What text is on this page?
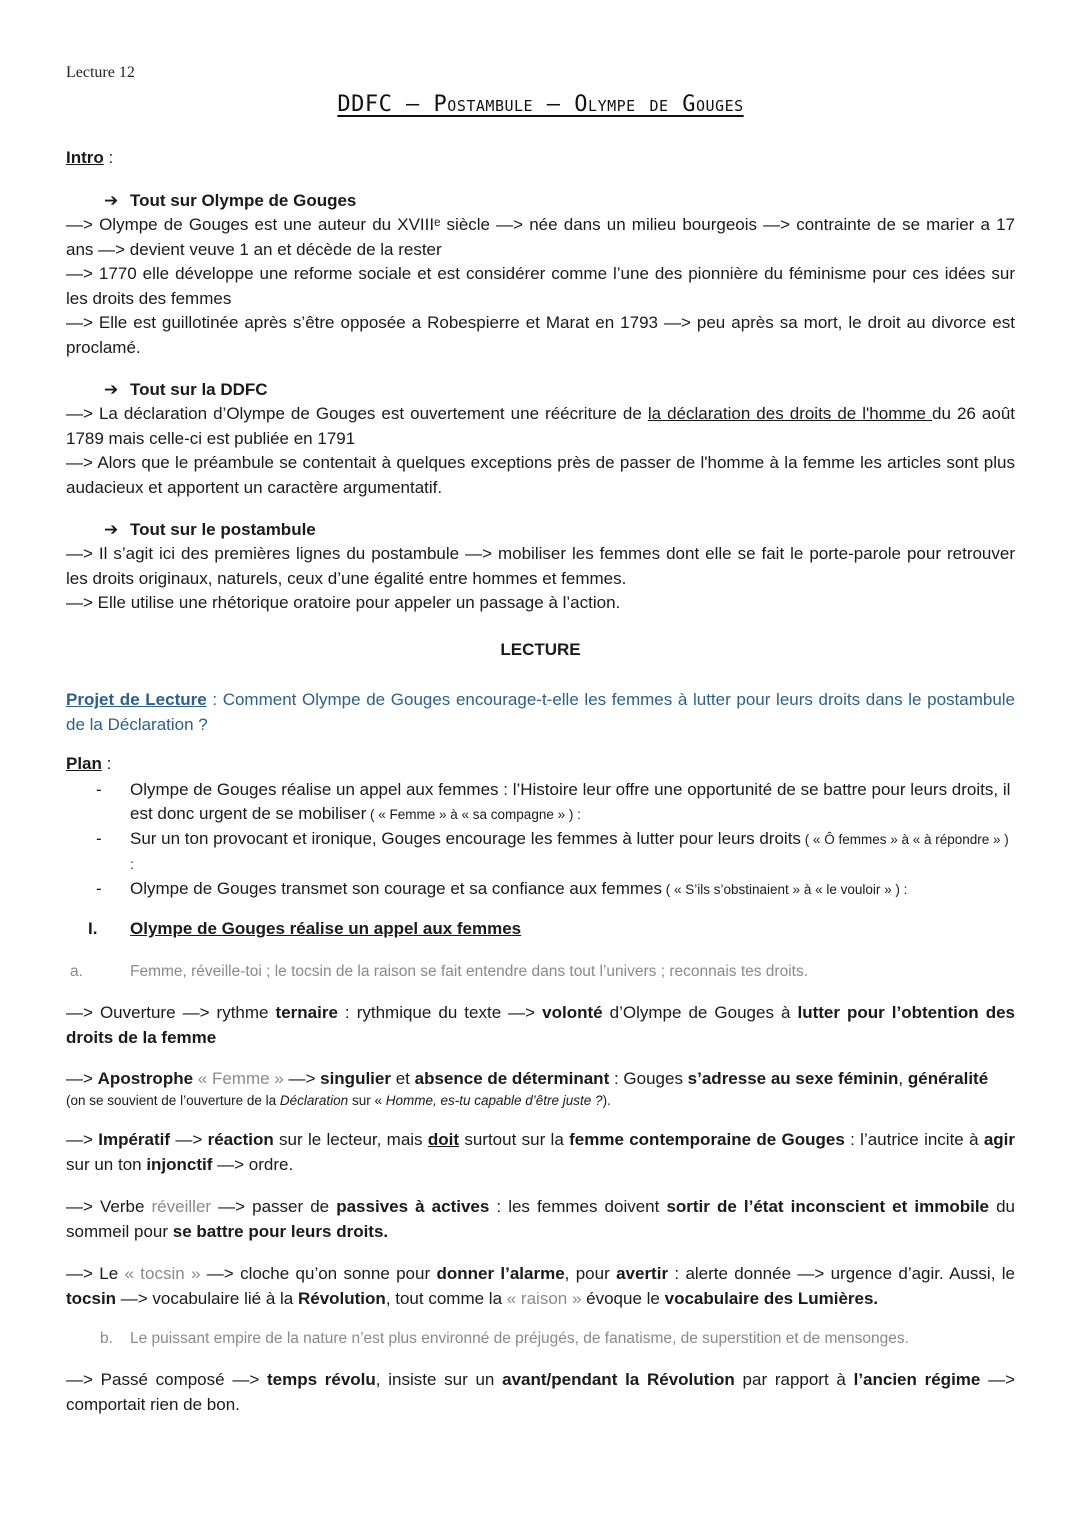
Lecture 12
DDFC – Postambule – Olympe de Gouges
Intro :
➔ Tout sur Olympe de Gouges

—> Olympe de Gouges est une auteur du XVIIIᵉ siècle —> née dans un milieu bourgeois —> contrainte de se marier a 17 ans —> devient veuve 1 an et décède de la rester

—> 1770 elle développe une reforme sociale et est considérer comme l’une des pionnière du féminisme pour ces idées sur les droits des femmes

—> Elle est guillotinée après s’être opposée a Robespierre et Marat en 1793 —> peu après sa mort, le droit au divorce est proclamé.

➔ Tout sur la DDFC

—> La déclaration d’Olympe de Gouges est ouvertement une réécriture de la déclaration des droits de l'homme du 26 août 1789 mais celle-ci est publiée en 1791

—> Alors que le préambule se contentait à quelques exceptions près de passer de l'homme à la femme les articles sont plus audacieux et apportent un caractère argumentatif.

➔ Tout sur le postambule

—> Il s’agit ici des premières lignes du postambule —> mobiliser les femmes dont elle se fait le porte-parole pour retrouver les droits originaux, naturels, ceux d’une égalité entre hommes et femmes.

—> Elle utilise une rhétorique oratoire pour appeler un passage à l’action.

LECTURE

Projet de Lecture : Comment Olympe de Gouges encourage-t-elle les femmes à lutter pour leurs droits dans le postambule de la Déclaration ?

Plan :
- Olympe de Gouges réalise un appel aux femmes : l’Histoire leur offre une opportunité de se battre pour leurs droits, il est donc urgent de se mobiliser ( « Femme » à « sa compagne » ) :
- Sur un ton provocant et ironique, Gouges encourage les femmes à lutter pour leurs droits ( « Ô femmes » à « à répondre » ) :
- Olympe de Gouges transmet son courage et sa confiance aux femmes ( « S’ils s’obstinaient » à « le vouloir » ) :
I. Olympe de Gouges réalise un appel aux femmes
a.	Femme, réveille-toi ; le tocsin de la raison se fait entendre dans tout l’univers ; reconnais tes droits.

—> Ouverture —> rythme ternaire : rythmique du texte —> volonté d’Olympe de Gouges à lutter pour l’obtention des droits de la femme

—> Apostrophe « Femme » —> singulier et absence de déterminant : Gouges s’adresse au sexe féminin, généralité

(on se souvient de l’ouverture de la Déclaration sur « Homme, es-tu capable d’être juste ?).

—> Impératif —> réaction sur le lecteur, mais doit surtout sur la femme contemporaine de Gouges : l’autrice incite à agir sur un ton injonctif —> ordre.

—> Verbe réveiller —> passer de passives à actives : les femmes doivent sortir de l’état inconscient et immobile du sommeil pour se battre pour leurs droits.

—> Le « tocsin » —> cloche qu’on sonne pour donner l’alarme, pour avertir : alerte donnée —> urgence d’agir. Aussi, le tocsin —> vocabulaire lié à la Révolution, tout comme la « raison » évoque le vocabulaire des Lumières.

b. Le puissant empire de la nature n’est plus environné de préjugés, de fanatisme, de superstition et de mensonges.

—> Passé composé —> temps révolu, insiste sur un avant/pendant la Révolution par rapport à l’ancien régime —> comportait rien de bon.
